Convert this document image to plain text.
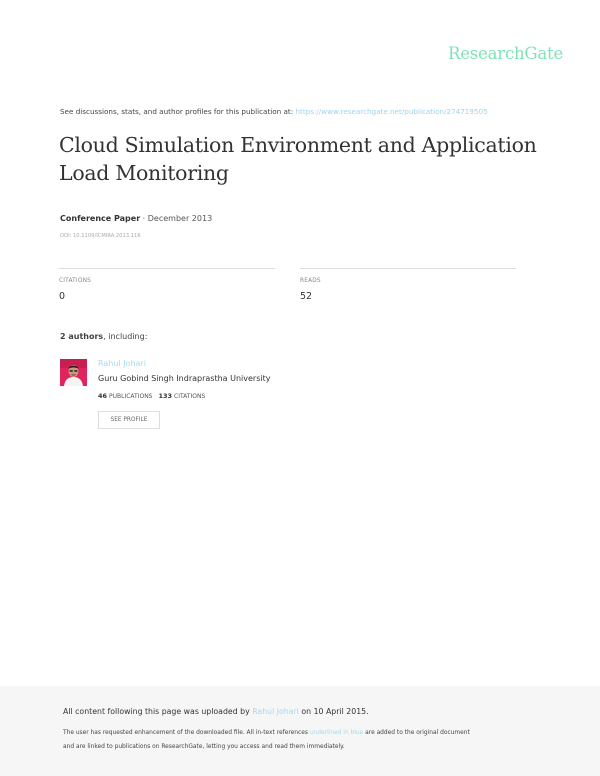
ResearchGate
See discussions, stats, and author profiles for this publication at: https://www.researchgate.net/publication/274719505
Cloud Simulation Environment and Application
Load Monitoring
Conference Paper · December 2013
DOI: 10.1109/ICMIRA.2013.116
CITATIONS
0
READS
52
2 authors, including:
Rahul Johari
Guru Gobind Singh Indraprastha University
46 PUBLICATIONS 133 CITATIONS
SEE PROFILE
All content following this page was uploaded by Rahul Johari on 10 April 2015.
The user has requested enhancement of the downloaded file. All in-text references underlined in blue are added to the original document
and are linked to publications on ResearchGate, letting you access and read them immediately.
